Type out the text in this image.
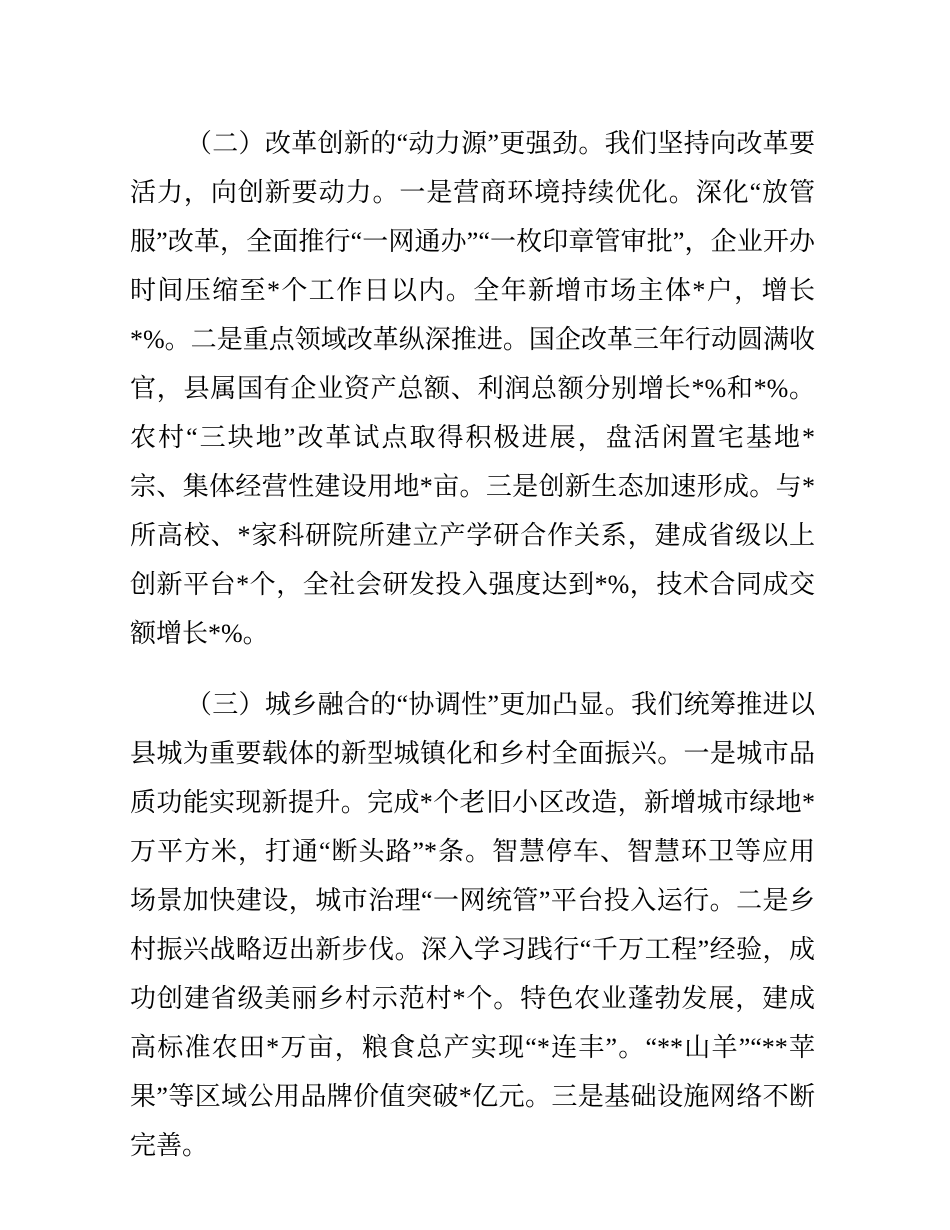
（二）改革创新的“动力源”更强劲。我们坚持向改革要活力，向创新要动力。一是营商环境持续优化。深化“放管服”改革，全面推行“一网通办”“一枚印章管审批”，企业开办时间压缩至*个工作日以内。全年新增市场主体*户，增长*%。二是重点领域改革纵深推进。国企改革三年行动圆满收官，县属国有企业资产总额、利润总额分别增长*%和*%。农村“三块地”改革试点取得积极进展，盘活闲置宅基地*宗、集体经营性建设用地*亩。三是创新生态加速形成。与*所高校、*家科研院所建立产学研合作关系，建成省级以上创新平台*个，全社会研发投入强度达到*%，技术合同成交额增长*%。

（三）城乡融合的“协调性”更加凸显。我们统筹推进以县城为重要载体的新型城镇化和乡村全面振兴。一是城市品质功能实现新提升。完成*个老旧小区改造，新增城市绿地*万平方米，打通“断头路”*条。智慧停车、智慧环卫等应用场景加快建设，城市治理“一网统管”平台投入运行。二是乡村振兴战略迈出新步伐。深入学习践行“千万工程”经验，成功创建省级美丽乡村示范村*个。特色农业蓬勃发展，建成高标准农田*万亩，粮食总产实现“*连丰”。“**山羊”“**苹果”等区域公用品牌价值突破*亿元。三是基础设施网络不断完善。
